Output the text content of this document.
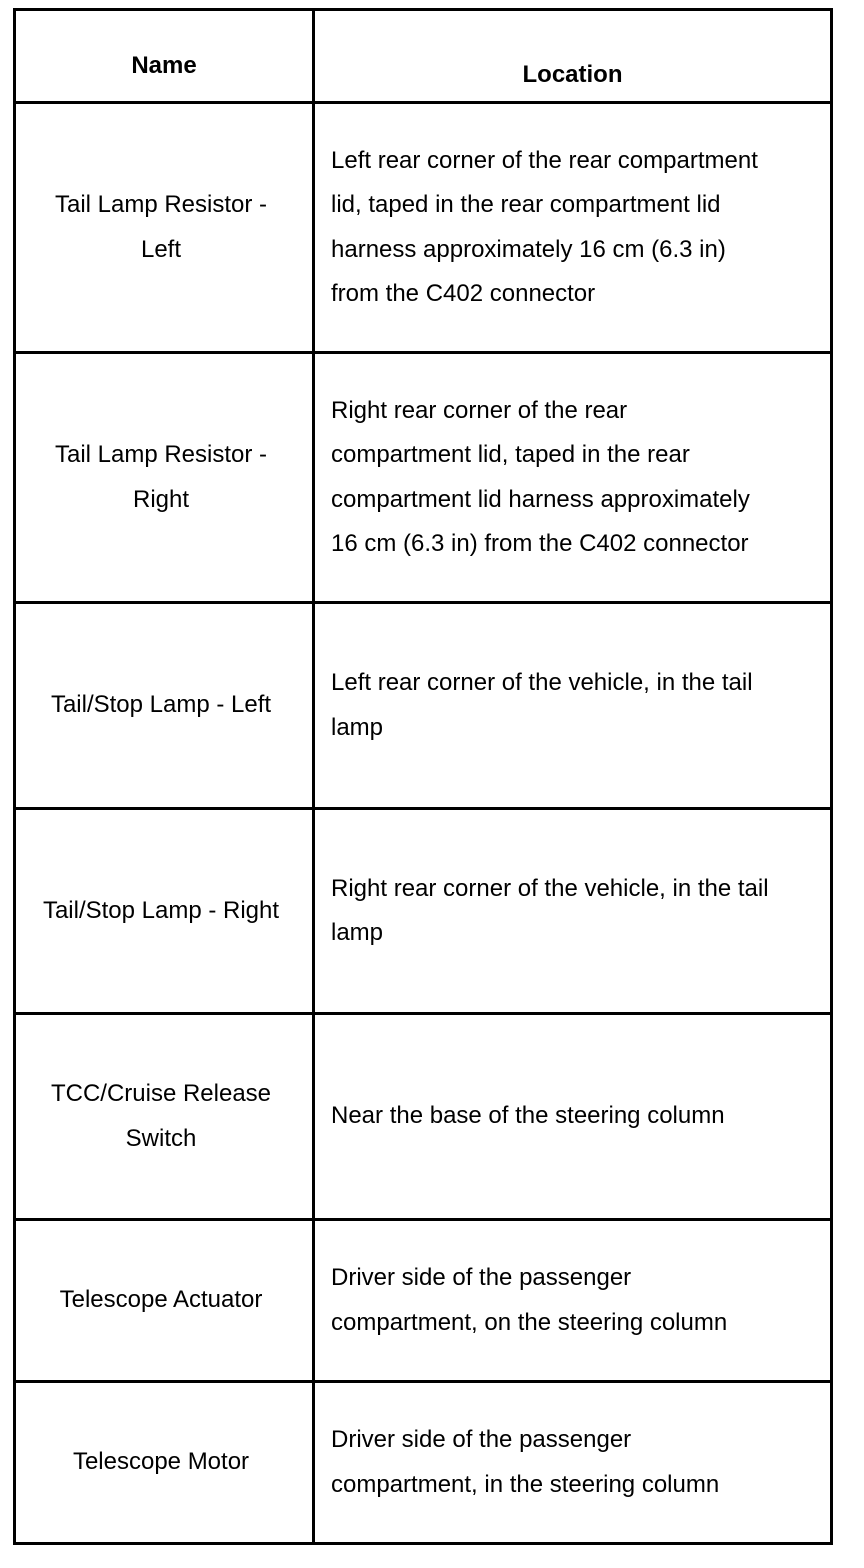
Name	Location

Tail Lamp Resistor - Left	Left rear corner of the rear compartment lid, taped in the rear compartment lid harness approximately 16 cm (6.3 in) from the C402 connector

Tail Lamp Resistor - Right	Right rear corner of the rear compartment lid, taped in the rear compartment lid harness approximately 16 cm (6.3 in) from the C402 connector

Tail/Stop Lamp - Left	Left rear corner of the vehicle, in the tail lamp

Tail/Stop Lamp - Right	Right rear corner of the vehicle, in the tail lamp

TCC/Cruise Release Switch	Near the base of the steering column

Telescope Actuator	Driver side of the passenger compartment, on the steering column

Telescope Motor	Driver side of the passenger compartment, in the steering column
